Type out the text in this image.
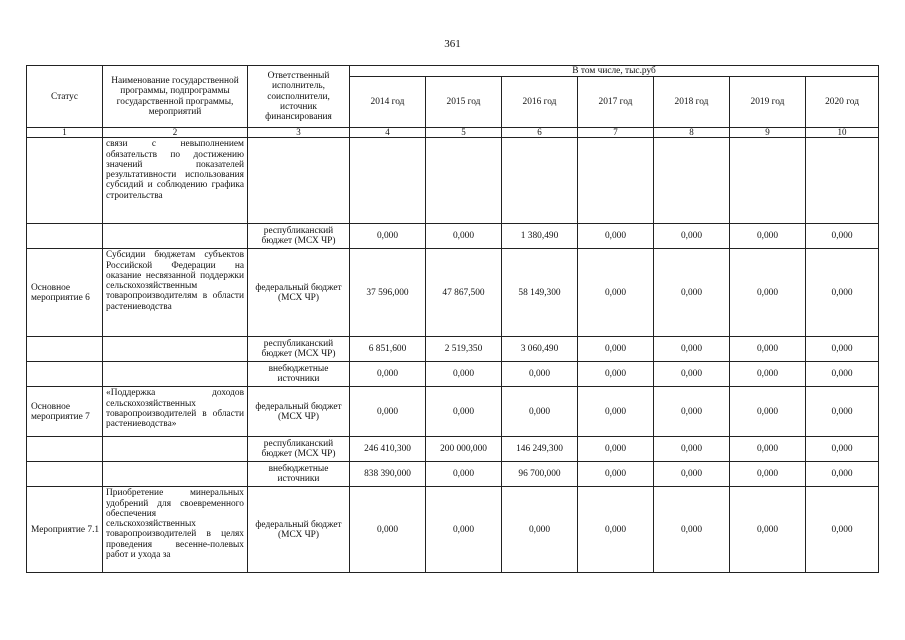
361
Статус	Наименование государственной программы, подпрограммы государственной программы, мероприятий	Ответственный исполнитель, соисполнители, источник финансирования	В том числе, тыс.руб						
			2014 год	2015 год	2016 год	2017 год	2018 год	2019 год	2020 год
1	2	3	4	5	6	7	8	9	10
	связи с невыполнением обязательств по достижению значений показателей результативности использования субсидий и соблюдению графика строительства								
		республиканский бюджет (МСХ ЧР)	0,000	0,000	1 380,490	0,000	0,000	0,000	0,000
Основное мероприятие 6	Субсидии бюджетам субъектов Российской Федерации на оказание несвязанной поддержки сельскохозяйственным товаропроизводителям в области растениеводства	федеральный бюджет (МСХ ЧР)	37 596,000	47 867,500	58 149,300	0,000	0,000	0,000	0,000
		республиканский бюджет (МСХ ЧР)	6 851,600	2 519,350	3 060,490	0,000	0,000	0,000	0,000
		внебюджетные источники	0,000	0,000	0,000	0,000	0,000	0,000	0,000
Основное мероприятие 7	«Поддержка доходов сельскохозяйственных товаропроизводителей в области растениеводства»	федеральный бюджет (МСХ ЧР)	0,000	0,000	0,000	0,000	0,000	0,000	0,000
		республиканский бюджет (МСХ ЧР)	246 410,300	200 000,000	146 249,300	0,000	0,000	0,000	0,000
		внебюджетные источники	838 390,000	0,000	96 700,000	0,000	0,000	0,000	0,000
Мероприятие 7.1	Приобретение минеральных удобрений для своевременного обеспечения сельскохозяйственных товаропроизводителей в целях проведения весенне-полевых работ и ухода за	федеральный бюджет (МСХ ЧР)	0,000	0,000	0,000	0,000	0,000	0,000	0,000
